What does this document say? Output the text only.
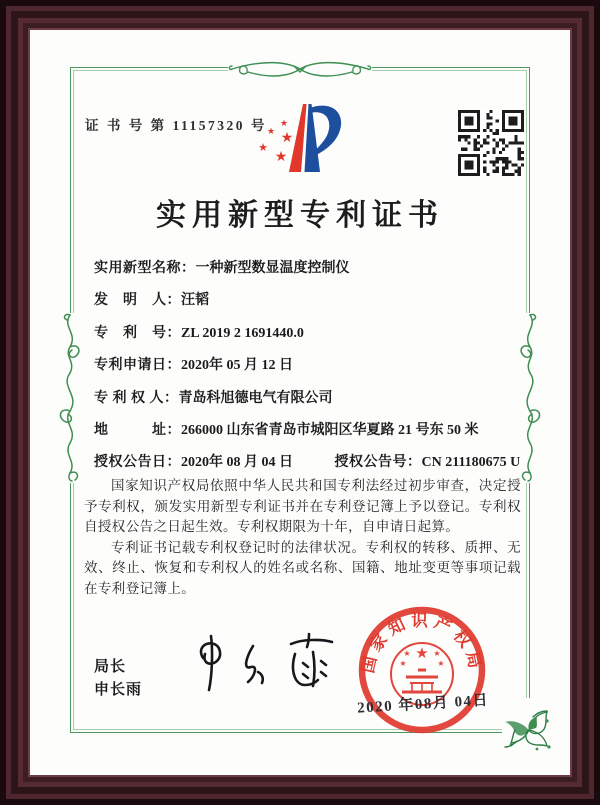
证 书 号 第 11157320 号 ★
★ ★
★
★
实用新型专利证书
实用新型名称：一种新型数显温度控制仪
发　明　人：汪韬
专　利　号：ZL 2019 2 1691440.0
专利申请日：2020年 05 月 12 日
专 利 权 人：青岛科旭德电气有限公司
地　　　址：266000 山东省青岛市城阳区华夏路 21 号东 50 米
授权公告日：2020年 08 月 04 日	授权公告号：CN 211180675 U

国家知识产权局依照中华人民共和国专利法经过初步审查，决定授予专利权，颁发实用新型专利证书并在专利登记簿上予以登记。专利权自授权公告之日起生效。专利权期限为十年，自申请日起算。

专利证书记载专利权登记时的法律状况。专利权的转移、质押、无效、终止、恢复和专利权人的姓名或名称、国籍、地址变更等事项记载在专利登记簿上。

局长
申长雨
国家知识产权局
★
★	★
★	★
2020 年08月 04日
